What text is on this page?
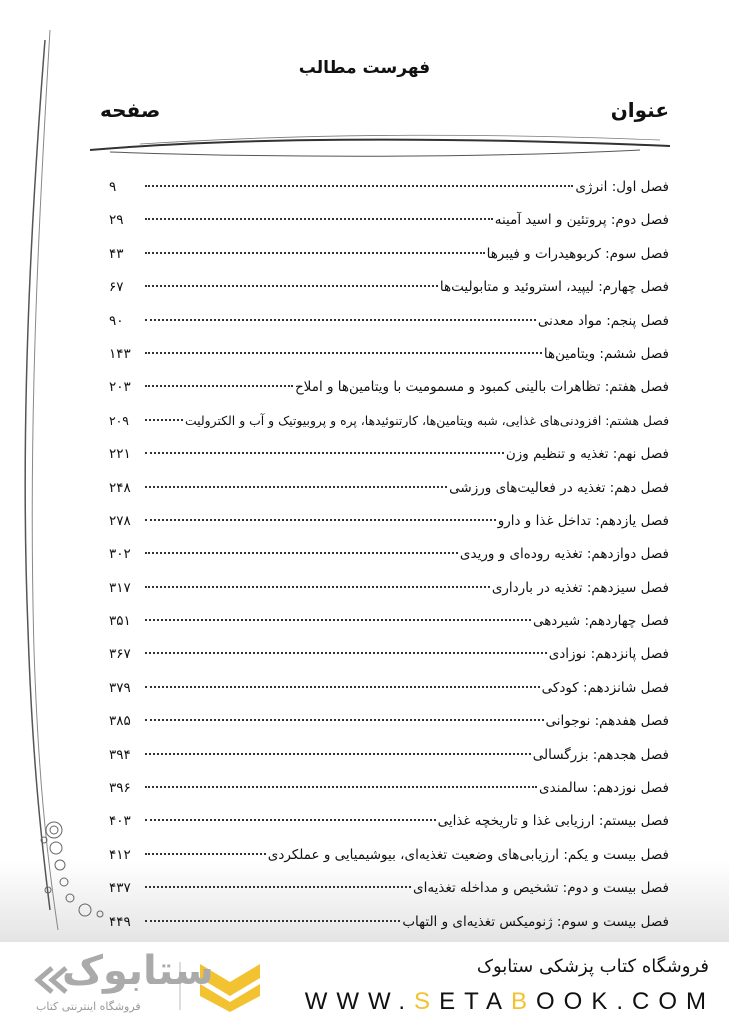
فهرست مطالب
عنوان
صفحه
فصل اول: انرژی
۹
فصل دوم: پروتئین و اسید آمینه
۲۹
فصل سوم: کربوهیدرات و فیبرها
۴۳
فصل چهارم: لیپید، استروئید و متابولیت‌ها
۶۷
فصل پنجم: مواد معدنی
۹۰
فصل ششم: ویتامین‌ها
۱۴۳
فصل هفتم: تظاهرات بالینی کمبود و مسمومیت با ویتامین‌ها و املاح
۲۰۳
فصل هشتم: افزودنی‌های غذایی، شبه ویتامین‌ها، کارتنوئیدها، پره و پروبیوتیک و آب و الکترولیت
۲۰۹
فصل نهم: تغذیه و تنظیم وزن
۲۲۱
فصل دهم: تغذیه در فعالیت‌های ورزشی
۲۴۸
فصل یازدهم: تداخل غذا و دارو
۲۷۸
فصل دوازدهم: تغذیه روده‌ای و وریدی
۳۰۲
فصل سیزدهم: تغذیه در بارداری
۳۱۷
فصل چهاردهم: شیردهی
۳۵۱
فصل پانزدهم: نوزادی
۳۶۷
فصل شانزدهم: کودکی
۳۷۹
فصل هفدهم: نوجوانی
۳۸۵
فصل هجدهم: بزرگسالی
۳۹۴
فصل نوزدهم: سالمندی
۳۹۶
فصل بیستم: ارزیابی غذا و تاریخچه غذایی
۴۰۳
فصل بیست و یکم: ارزیابی‌های وضعیت تغذیه‌ای، بیوشیمیایی و عملکردی
۴۱۲
فصل بیست و دوم: تشخیص و مداخله تغذیه‌ای
۴۳۷
فصل بیست و سوم: ژنومیکس تغذیه‌ای و التهاب
۴۴۹
ستابوک
فروشگاه اینترنتی کتاب
فروشگاه کتاب پزشکی ستابوک
WWW.SETABOOK.COM
